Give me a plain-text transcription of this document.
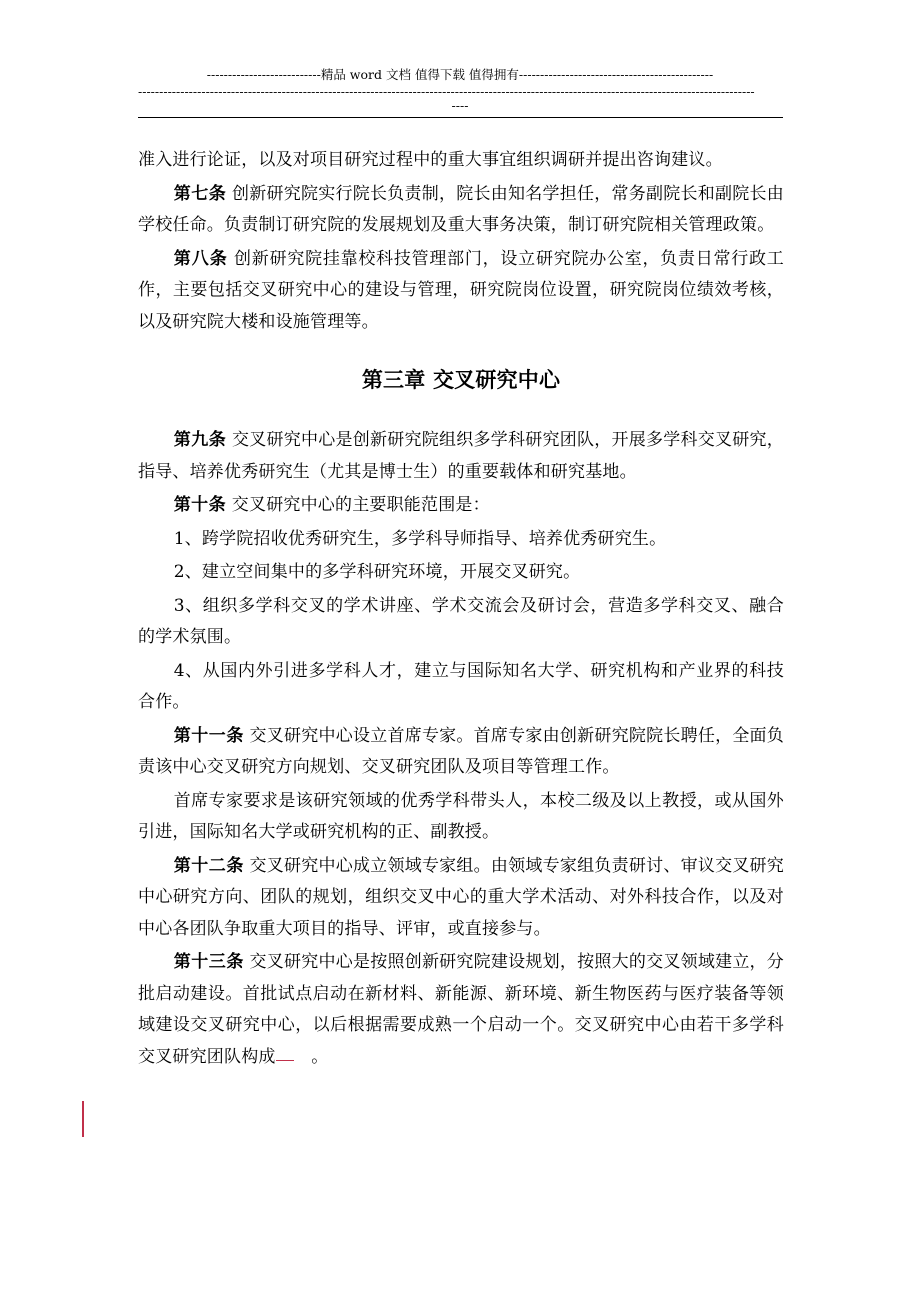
---------------------------精品 word 文档 值得下载 值得拥有----------------------------------------------
--------------------------------------------------------------------------------------------------------------------------------------------------
----

准入进行论证，以及对项目研究过程中的重大事宜组织调研并提出咨询建议。

第七条 创新研究院实行院长负责制，院长由知名学担任，常务副院长和副院长由学校任命。负责制订研究院的发展规划及重大事务决策，制订研究院相关管理政策。

第八条 创新研究院挂靠校科技管理部门，设立研究院办公室，负责日常行政工作，主要包括交叉研究中心的建设与管理，研究院岗位设置，研究院岗位绩效考核，以及研究院大楼和设施管理等。

第三章 交叉研究中心

第九条 交叉研究中心是创新研究院组织多学科研究团队，开展多学科交叉研究，指导、培养优秀研究生（尤其是博士生）的重要载体和研究基地。

第十条 交叉研究中心的主要职能范围是：

1、跨学院招收优秀研究生，多学科导师指导、培养优秀研究生。

2、建立空间集中的多学科研究环境，开展交叉研究。

3、组织多学科交叉的学术讲座、学术交流会及研讨会，营造多学科交叉、融合的学术氛围。

4、从国内外引进多学科人才，建立与国际知名大学、研究机构和产业界的科技合作。

第十一条 交叉研究中心设立首席专家。首席专家由创新研究院院长聘任，全面负责该中心交叉研究方向规划、交叉研究团队及项目等管理工作。

首席专家要求是该研究领域的优秀学科带头人，本校二级及以上教授，或从国外引进，国际知名大学或研究机构的正、副教授。

第十二条 交叉研究中心成立领域专家组。由领域专家组负责研讨、审议交叉研究中心研究方向、团队的规划，组织交叉中心的重大学术活动、对外科技合作，以及对中心各团队争取重大项目的指导、评审，或直接参与。

第十三条 交叉研究中心是按照创新研究院建设规划，按照大的交叉领域建立，分批启动建设。首批试点启动在新材料、新能源、新环境、新生物医药与医疗装备等领域建设交叉研究中心，以后根据需要成熟一个启动一个。交叉研究中心由若干多学科交叉研究团队构成 。
